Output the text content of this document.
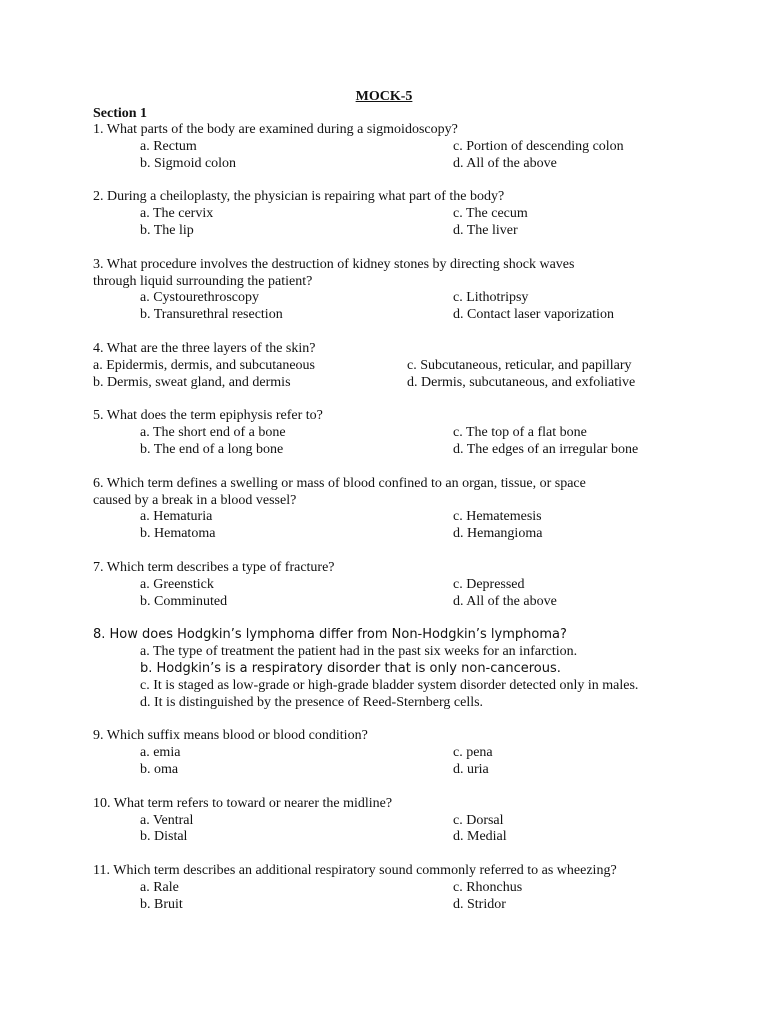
MOCK-5
Section 1
1. What parts of the body are examined during a sigmoidoscopy?
a. Rectum	c. Portion of descending colon
b. Sigmoid colon	d. All of the above
2. During a cheiloplasty, the physician is repairing what part of the body?
a. The cervix	c. The cecum
b. The lip	d. The liver
3. What procedure involves the destruction of kidney stones by directing shock waves
through liquid surrounding the patient?
a. Cystourethroscopy	c. Lithotripsy
b. Transurethral resection	d. Contact laser vaporization
4. What are the three layers of the skin?
a. Epidermis, dermis, and subcutaneous	c. Subcutaneous, reticular, and papillary
b. Dermis, sweat gland, and dermis	d. Dermis, subcutaneous, and exfoliative
5. What does the term epiphysis refer to?
a. The short end of a bone	c. The top of a flat bone
b. The end of a long bone	d. The edges of an irregular bone
6. Which term defines a swelling or mass of blood confined to an organ, tissue, or space
caused by a break in a blood vessel?
a. Hematuria	c. Hematemesis
b. Hematoma	d. Hemangioma
7. Which term describes a type of fracture?
a. Greenstick	c. Depressed
b. Comminuted	d. All of the above
8. How does Hodgkin’s lymphoma differ from Non-Hodgkin’s lymphoma?
a. The type of treatment the patient had in the past six weeks for an infarction.
b. Hodgkin’s is a respiratory disorder that is only non-cancerous.
c. It is staged as low-grade or high-grade bladder system disorder detected only in males.
d. It is distinguished by the presence of Reed-Sternberg cells.
9. Which suffix means blood or blood condition?
a. emia	c. pena
b. oma	d. uria
10. What term refers to toward or nearer the midline?
a. Ventral	c. Dorsal
b. Distal	d. Medial
11. Which term describes an additional respiratory sound commonly referred to as wheezing?
a. Rale	c. Rhonchus
b. Bruit	d. Stridor
